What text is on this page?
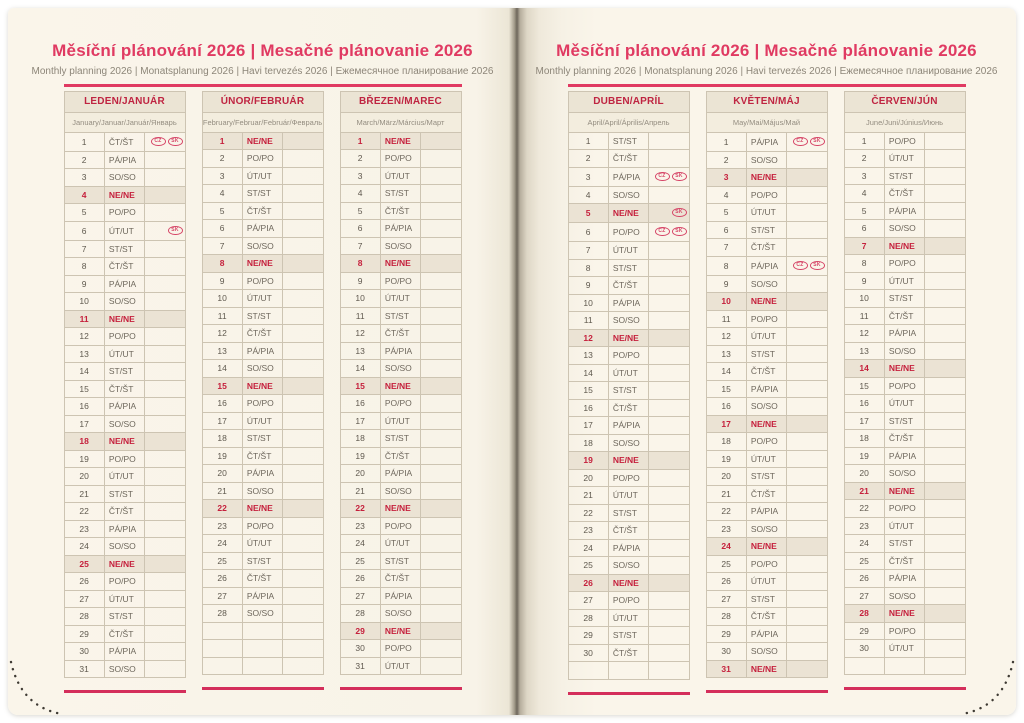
Měsíční plánování 2026 | Mesačné plánovanie 2026
Monthly planning 2026 | Monatsplanung 2026 | Havi tervezés 2026 | Ежемесячное планирование 2026
LEDEN/JANUÁR		
January/Januar/Január/Январь		
1	ČT/ŠT	CZ SK
2	PÁ/PIA	
3	SO/SO	
4	NE/NE	
5	PO/PO	
6	ÚT/UT	SK
7	ST/ST	
8	ČT/ŠT	
9	PÁ/PIA	
10	SO/SO	
11	NE/NE	
12	PO/PO	
13	ÚT/UT	
14	ST/ST	
15	ČT/ŠT	
16	PÁ/PIA	
17	SO/SO	
18	NE/NE	
19	PO/PO	
20	ÚT/UT	
21	ST/ST	
22	ČT/ŠT	
23	PÁ/PIA	
24	SO/SO	
25	NE/NE	
26	PO/PO	
27	ÚT/UT	
28	ST/ST	
29	ČT/ŠT	
30	PÁ/PIA	
31	SO/SO	
ÚNOR/FEBRUÁR		
February/Februar/Február/Февраль		
1	NE/NE	
2	PO/PO	
3	ÚT/UT	
4	ST/ST	
5	ČT/ŠT	
6	PÁ/PIA	
7	SO/SO	
8	NE/NE	
9	PO/PO	
10	ÚT/UT	
11	ST/ST	
12	ČT/ŠT	
13	PÁ/PIA	
14	SO/SO	
15	NE/NE	
16	PO/PO	
17	ÚT/UT	
18	ST/ST	
19	ČT/ŠT	
20	PÁ/PIA	
21	SO/SO	
22	NE/NE	
23	PO/PO	
24	ÚT/UT	
25	ST/ST	
26	ČT/ŠT	
27	PÁ/PIA	
28	SO/SO	

BŘEZEN/MAREC		
March/März/Március/Март		
1	NE/NE	
2	PO/PO	
3	ÚT/UT	
4	ST/ST	
5	ČT/ŠT	
6	PÁ/PIA	
7	SO/SO	
8	NE/NE	
9	PO/PO	
10	ÚT/UT	
11	ST/ST	
12	ČT/ŠT	
13	PÁ/PIA	
14	SO/SO	
15	NE/NE	
16	PO/PO	
17	ÚT/UT	
18	ST/ST	
19	ČT/ŠT	
20	PÁ/PIA	
21	SO/SO	
22	NE/NE	
23	PO/PO	
24	ÚT/UT	
25	ST/ST	
26	ČT/ŠT	
27	PÁ/PIA	
28	SO/SO	
29	NE/NE	
30	PO/PO	
31	ÚT/UT	
Měsíční plánování 2026 | Mesačné plánovanie 2026
Monthly planning 2026 | Monatsplanung 2026 | Havi tervezés 2026 | Ежемесячное планирование 2026
DUBEN/APRÍL		
April/April/Április/Апрель		
1	ST/ST	
2	ČT/ŠT	
3	PÁ/PIA	CZ SK
4	SO/SO	
5	NE/NE	SK
6	PO/PO	CZ SK
7	ÚT/UT	
8	ST/ST	
9	ČT/ŠT	
10	PÁ/PIA	
11	SO/SO	
12	NE/NE	
13	PO/PO	
14	ÚT/UT	
15	ST/ST	
16	ČT/ŠT	
17	PÁ/PIA	
18	SO/SO	
19	NE/NE	
20	PO/PO	
21	ÚT/UT	
22	ST/ST	
23	ČT/ŠT	
24	PÁ/PIA	
25	SO/SO	
26	NE/NE	
27	PO/PO	
28	ÚT/UT	
29	ST/ST	
30	ČT/ŠT	

KVĚTEN/MÁJ		
May/Mai/Május/Май		
1	PÁ/PIA	CZ SK
2	SO/SO	
3	NE/NE	
4	PO/PO	
5	ÚT/UT	
6	ST/ST	
7	ČT/ŠT	
8	PÁ/PIA	CZ SK
9	SO/SO	
10	NE/NE	
11	PO/PO	
12	ÚT/UT	
13	ST/ST	
14	ČT/ŠT	
15	PÁ/PIA	
16	SO/SO	
17	NE/NE	
18	PO/PO	
19	ÚT/UT	
20	ST/ST	
21	ČT/ŠT	
22	PÁ/PIA	
23	SO/SO	
24	NE/NE	
25	PO/PO	
26	ÚT/UT	
27	ST/ST	
28	ČT/ŠT	
29	PÁ/PIA	
30	SO/SO	
31	NE/NE	
ČERVEN/JÚN		
June/Juni/Június/Июнь		
1	PO/PO	
2	ÚT/UT	
3	ST/ST	
4	ČT/ŠT	
5	PÁ/PIA	
6	SO/SO	
7	NE/NE	
8	PO/PO	
9	ÚT/UT	
10	ST/ST	
11	ČT/ŠT	
12	PÁ/PIA	
13	SO/SO	
14	NE/NE	
15	PO/PO	
16	ÚT/UT	
17	ST/ST	
18	ČT/ŠT	
19	PÁ/PIA	
20	SO/SO	
21	NE/NE	
22	PO/PO	
23	ÚT/UT	
24	ST/ST	
25	ČT/ŠT	
26	PÁ/PIA	
27	SO/SO	
28	NE/NE	
29	PO/PO	
30	ÚT/UT	
